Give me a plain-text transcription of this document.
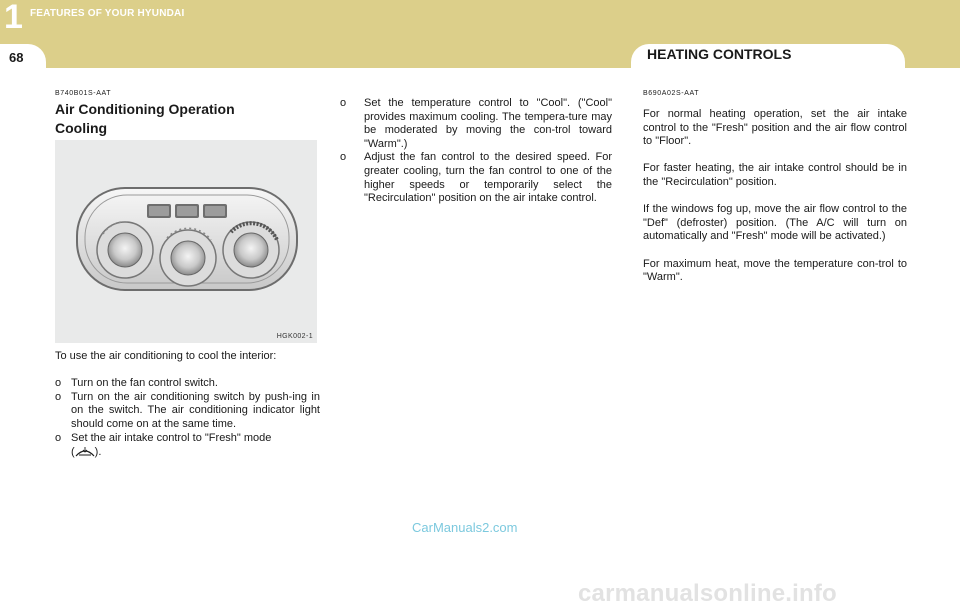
1 FEATURES OF YOUR HYUNDAI
68	HEATING CONTROLS
B740B01S-AAT
Air Conditioning Operation
Cooling
HGK002-1
To use the air conditioning to cool the interior:
o Turn on the fan control switch.
o Turn on the air conditioning switch by push-ing in on the switch. The air conditioning indicator light should come on at the same time.
o Set the air intake control to "Fresh" mode
( ).
o	Set the temperature control to "Cool". ("Cool" provides maximum cooling. The tempera-ture may be moderated by moving the con-trol toward "Warm".)
o	Adjust the fan control to the desired speed. For greater cooling, turn the fan control to one of the higher speeds or temporarily select the "Recirculation" position on the air intake control.
B690A02S-AAT
For normal heating operation, set the air intake control to the "Fresh" position and the air flow control to "Floor".
For faster heating, the air intake control should be in the "Recirculation" position.
If the windows fog up, move the air flow control to the "Def" (defroster) position. (The A/C will turn on automatically and "Fresh" mode will be activated.)
For maximum heat, move the temperature con-trol to "Warm".
CarManuals2.com
carmanualsonline.info
